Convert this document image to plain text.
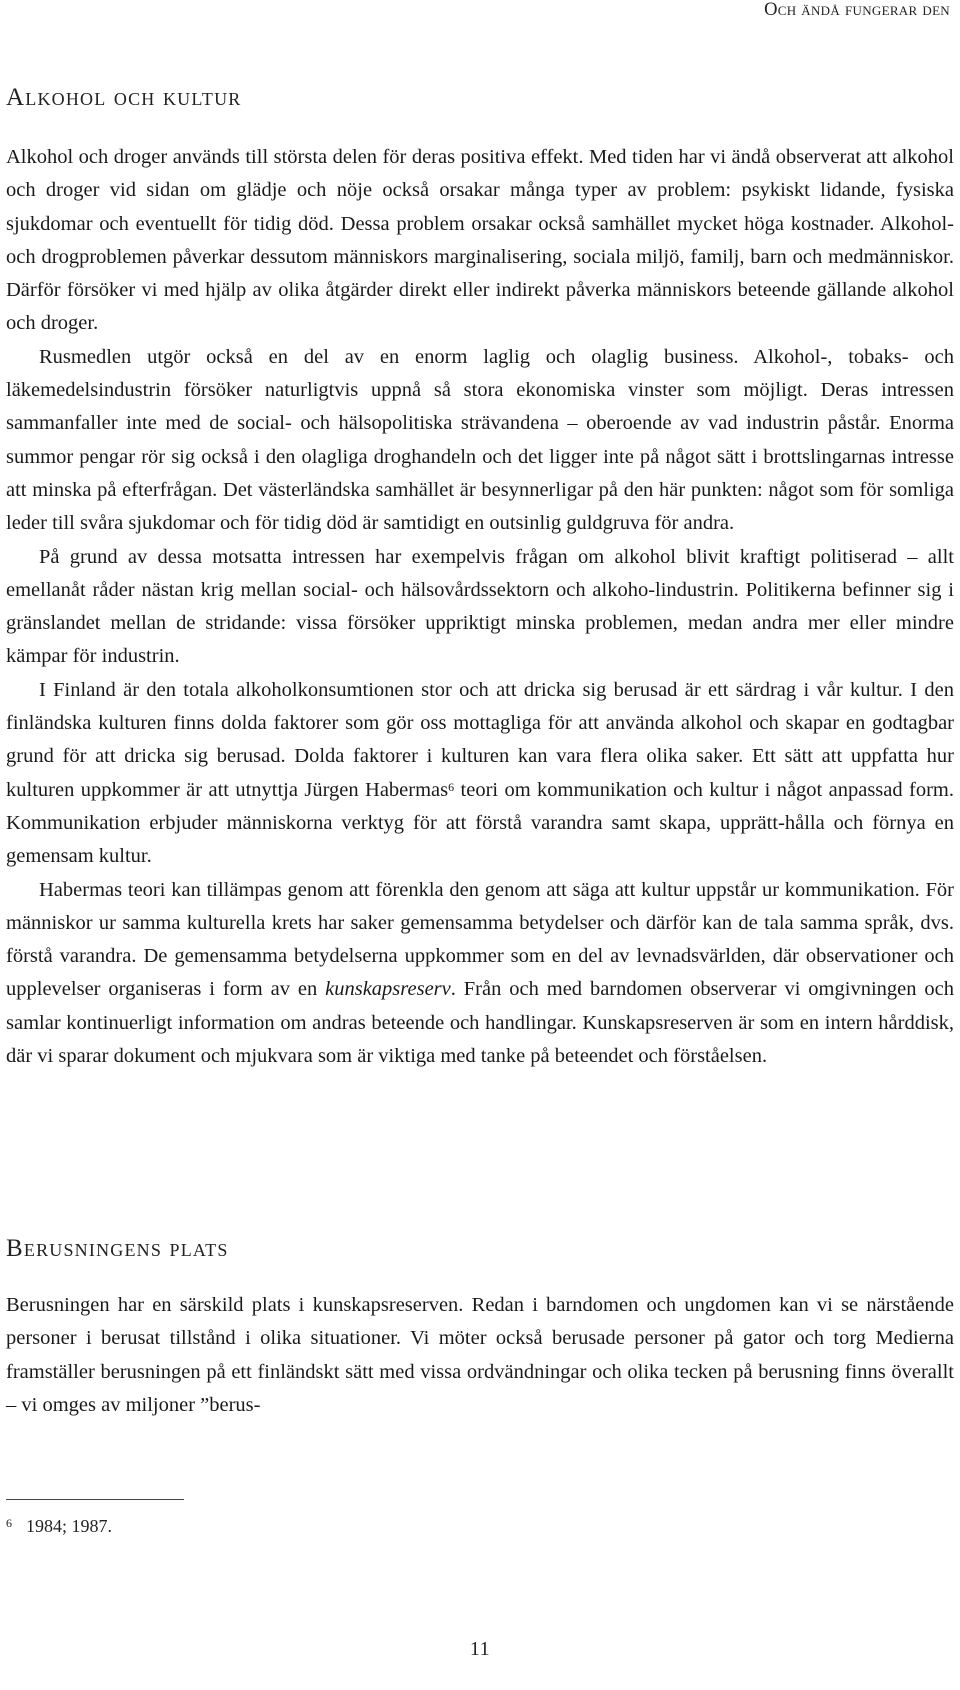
Och ändå fungerar den
Alkohol och kultur

Alkohol och droger används till största delen för deras positiva effekt. Med tiden har vi ändå observerat att alkohol och droger vid sidan om glädje och nöje också orsakar många typer av problem: psykiskt lidande, fysiska sjukdomar och eventuellt för tidig död. Dessa problem orsakar också samhället mycket höga kostnader. Alkohol- och drogproblemen påverkar dessutom människors marginalisering, sociala miljö, familj, barn och medmänniskor. Därför försöker vi med hjälp av olika åtgärder direkt eller indirekt påverka människors beteende gällande alkohol och droger.

Rusmedlen utgör också en del av en enorm laglig och olaglig business. Alkohol-, tobaks- och läkemedelsindustrin försöker naturligtvis uppnå så stora ekonomiska vinster som möjligt. Deras intressen sammanfaller inte med de social- och hälsopolitiska strävandena – oberoende av vad industrin påstår. Enorma summor pengar rör sig också i den olagliga droghandeln och det ligger inte på något sätt i brottslingarnas intresse att minska på efterfrågan. Det västerländska samhället är besynnerligar på den här punkten: något som för somliga leder till svåra sjukdomar och för tidig död är samtidigt en outsinlig guldgruva för andra.

På grund av dessa motsatta intressen har exempelvis frågan om alkohol blivit kraftigt politiserad – allt emellanåt råder nästan krig mellan social- och hälsovårdssektorn och alkoho-lindustrin. Politikerna befinner sig i gränslandet mellan de stridande: vissa försöker uppriktigt minska problemen, medan andra mer eller mindre kämpar för industrin.

I Finland är den totala alkoholkonsumtionen stor och att dricka sig berusad är ett särdrag i vår kultur. I den finländska kulturen finns dolda faktorer som gör oss mottagliga för att använda alkohol och skapar en godtagbar grund för att dricka sig berusad. Dolda faktorer i kulturen kan vara flera olika saker. Ett sätt att uppfatta hur kulturen uppkommer är att utnyttja Jürgen Habermas$^6$ teori om kommunikation och kultur i något anpassad form. Kommunikation erbjuder människorna verktyg för att förstå varandra samt skapa, upprätt-hålla och förnya en gemensam kultur.

Habermas teori kan tillämpas genom att förenkla den genom att säga att kultur uppstår ur kommunikation. För människor ur samma kulturella krets har saker gemensamma betydelser och därför kan de tala samma språk, dvs. förstå varandra. De gemensamma betydelserna uppkommer som en del av levnadsvärlden, där observationer och upplevelser organiseras i form av en kunskapsreserv. Från och med barndomen observerar vi omgivningen och samlar kontinuerligt information om andras beteende och handlingar. Kunskapsreserven är som en intern hårddisk, där vi sparar dokument och mjukvara som är viktiga med tanke på beteendet och förståelsen.

Berusningens plats

Berusningen har en särskild plats i kunskapsreserven. Redan i barndomen och ungdomen kan vi se närstående personer i berusat tillstånd i olika situationer. Vi möter också berusade personer på gator och torg Medierna framställer berusningen på ett finländskt sätt med vissa ordvändningar och olika tecken på berusning finns överallt – vi omges av miljoner ”berus-

$^6$ 1984; 1987.
11
